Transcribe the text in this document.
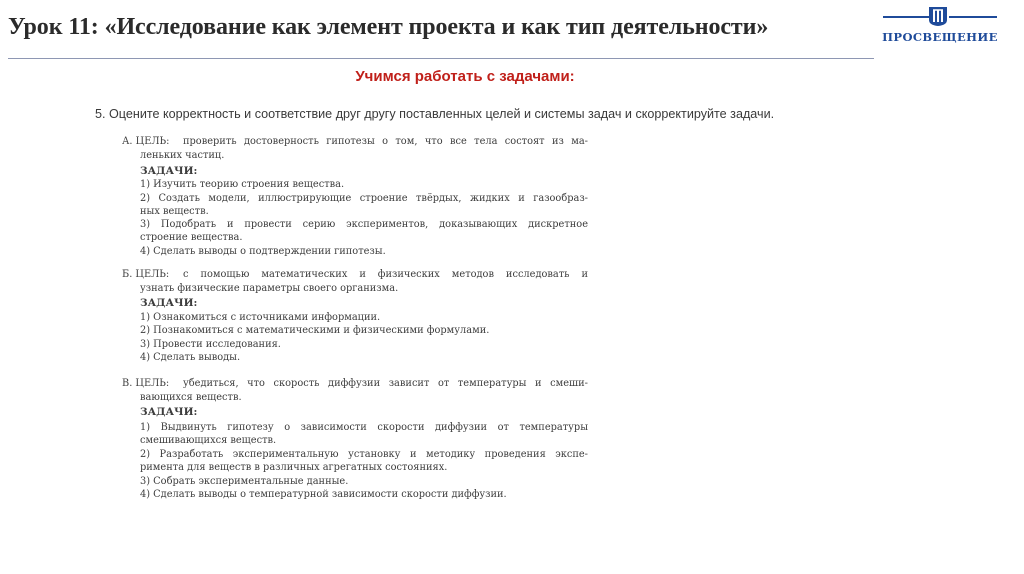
Урок 11: «Исследование как элемент проекта и как тип деятельности»	ПРОСВЕЩЕНИЕ
Учимся работать с задачами:
5. Оцените корректность и соответствие друг другу поставленных целей и системы задач и скорректируйте задачи.
А. ЦЕЛЬ: проверить достоверность гипотезы о том, что все тела состоят из ма-
леньких частиц.
ЗАДАЧИ:
1) Изучить теорию строения вещества.
2) Создать модели, иллюстрирующие строение твёрдых, жидких и газообраз-
ных веществ.
3) Подобрать и провести серию экспериментов, доказывающих дискретное
строение вещества.
4) Сделать выводы о подтверждении гипотезы.
Б. ЦЕЛЬ: с помощью математических и физических методов исследовать и
узнать физические параметры своего организма.
ЗАДАЧИ:
1) Ознакомиться с источниками информации.
2) Познакомиться с математическими и физическими формулами.
3) Провести исследования.
4) Сделать выводы.
В. ЦЕЛЬ: убедиться, что скорость диффузии зависит от температуры и смеши-
вающихся веществ.
ЗАДАЧИ:
1) Выдвинуть гипотезу о зависимости скорости диффузии от температуры
смешивающихся веществ.
2) Разработать экспериментальную установку и методику проведения экспе-
римента для веществ в различных агрегатных состояниях.
3) Собрать экспериментальные данные.
4) Сделать выводы о температурной зависимости скорости диффузии.
